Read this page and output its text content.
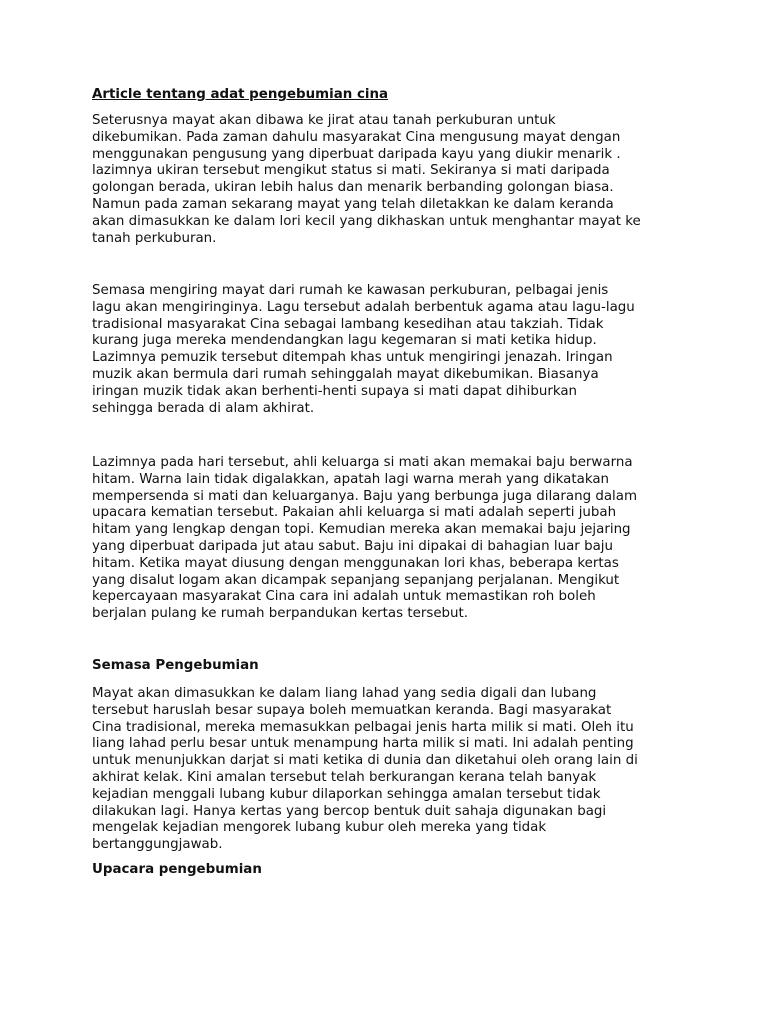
Article tentang adat pengebumian cina

Seterusnya mayat akan dibawa ke jirat atau tanah perkuburan untuk
dikebumikan. Pada zaman dahulu masyarakat Cina mengusung mayat dengan
menggunakan pengusung yang diperbuat daripada kayu yang diukir menarik .
lazimnya ukiran tersebut mengikut status si mati. Sekiranya si mati daripada
golongan berada, ukiran lebih halus dan menarik berbanding golongan biasa.
Namun pada zaman sekarang mayat yang telah diletakkan ke dalam keranda
akan dimasukkan ke dalam lori kecil yang dikhaskan untuk menghantar mayat ke
tanah perkuburan.

Semasa mengiring mayat dari rumah ke kawasan perkuburan, pelbagai jenis
lagu akan mengiringinya. Lagu tersebut adalah berbentuk agama atau lagu-lagu
tradisional masyarakat Cina sebagai lambang kesedihan atau takziah. Tidak
kurang juga mereka mendendangkan lagu kegemaran si mati ketika hidup.
Lazimnya pemuzik tersebut ditempah khas untuk mengiringi jenazah. Iringan
muzik akan bermula dari rumah sehinggalah mayat dikebumikan. Biasanya
iringan muzik tidak akan berhenti-henti supaya si mati dapat dihiburkan
sehingga berada di alam akhirat.

Lazimnya pada hari tersebut, ahli keluarga si mati akan memakai baju berwarna
hitam. Warna lain tidak digalakkan, apatah lagi warna merah yang dikatakan
mempersenda si mati dan keluarganya. Baju yang berbunga juga dilarang dalam
upacara kematian tersebut. Pakaian ahli keluarga si mati adalah seperti jubah
hitam yang lengkap dengan topi. Kemudian mereka akan memakai baju jejaring
yang diperbuat daripada jut atau sabut. Baju ini dipakai di bahagian luar baju
hitam. Ketika mayat diusung dengan menggunakan lori khas, beberapa kertas
yang disalut logam akan dicampak sepanjang sepanjang perjalanan. Mengikut
kepercayaan masyarakat Cina cara ini adalah untuk memastikan roh boleh
berjalan pulang ke rumah berpandukan kertas tersebut.

Semasa Pengebumian

Mayat akan dimasukkan ke dalam liang lahad yang sedia digali dan lubang
tersebut haruslah besar supaya boleh memuatkan keranda. Bagi masyarakat
Cina tradisional, mereka memasukkan pelbagai jenis harta milik si mati. Oleh itu
liang lahad perlu besar untuk menampung harta milik si mati. Ini adalah penting
untuk menunjukkan darjat si mati ketika di dunia dan diketahui oleh orang lain di
akhirat kelak. Kini amalan tersebut telah berkurangan kerana telah banyak
kejadian menggali lubang kubur dilaporkan sehingga amalan tersebut tidak
dilakukan lagi. Hanya kertas yang bercop bentuk duit sahaja digunakan bagi
mengelak kejadian mengorek lubang kubur oleh mereka yang tidak
bertanggungjawab.

Upacara pengebumian
